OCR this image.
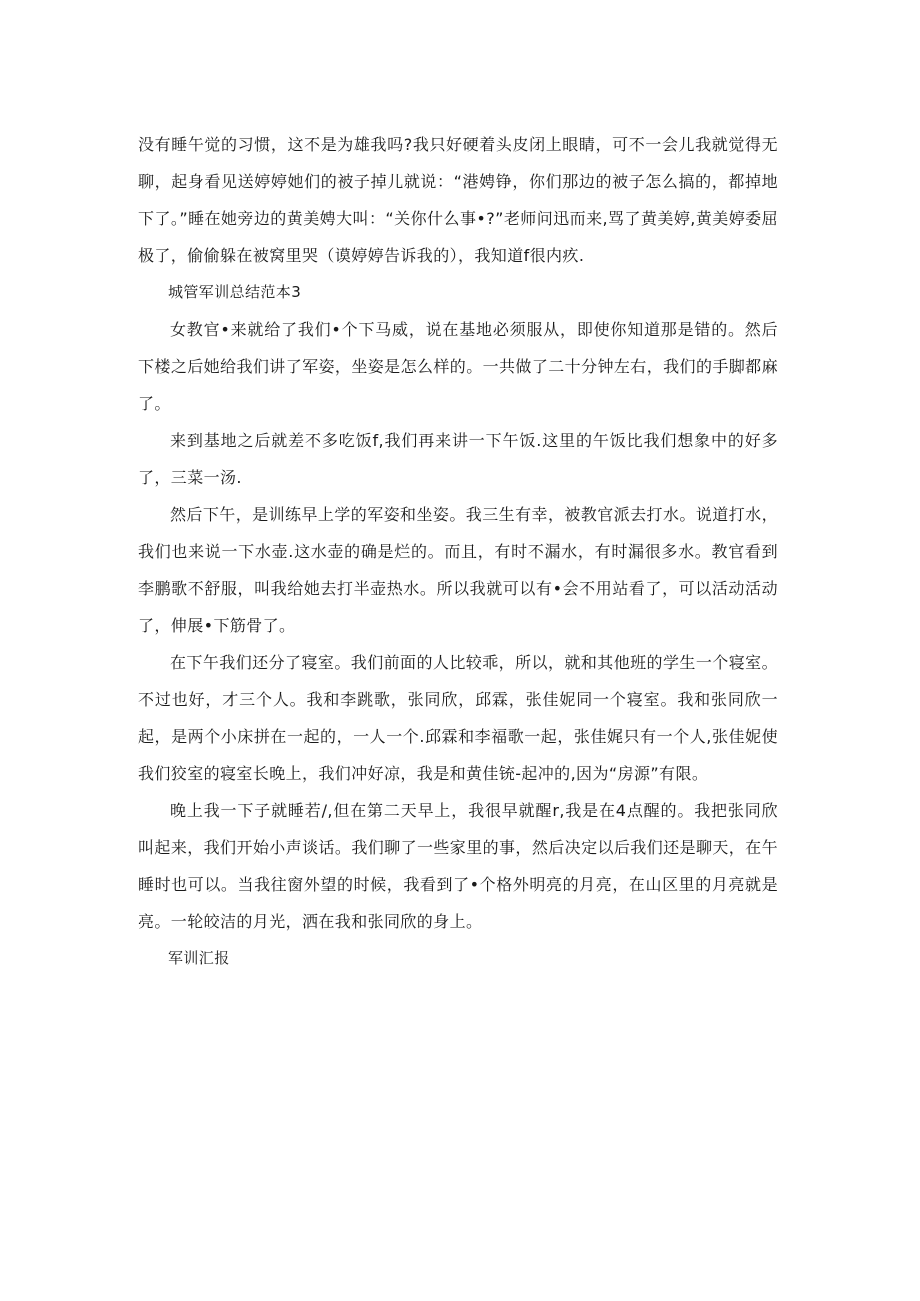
没有睡午觉的习惯，这不是为雄我吗?我只好硬着头皮闭上眼睛，可不一会儿我就觉得无聊，起身看见送婷婷她们的被子掉儿就说：“港娉铮，你们那边的被子怎么搞的，都掉地下了。”睡在她旁边的黄美娉大叫：“关你什么事•?”老师问迅而来,骂了黄美婷,黄美婷委屈极了，偷偷躲在被窝里哭（谟婷婷告诉我的），我知道f很内疚.

城管军训总结范本3

女教官•来就给了我们•个下马威，说在基地必须服从，即使你知道那是错的。然后下楼之后她给我们讲了军姿，坐姿是怎么样的。一共做了二十分钟左右，我们的手脚都麻了。

来到基地之后就差不多吃饭f,我们再来讲一下午饭.这里的午饭比我们想象中的好多了，三菜一汤.

然后下午，是训练早上学的军姿和坐姿。我三生有幸，被教官派去打水。说道打水，我们也来说一下水壶.这水壶的确是烂的。而且，有时不漏水，有时漏很多水。教官看到李鹏歌不舒服，叫我给她去打半壶热水。所以我就可以有•会不用站看了，可以活动活动了，伸展•下筋骨了。

在下午我们还分了寝室。我们前面的人比较乖，所以，就和其他班的学生一个寝室。不过也好，才三个人。我和李跳歌，张同欣，邱霖，张佳妮同一个寝室。我和张同欣一起，是两个小床拼在一起的，一人一个.邱霖和李福歌一起，张佳娓只有一个人,张佳妮使我们狡室的寝室长晚上，我们冲好凉，我是和黄佳铳-起冲的,因为“房源”有限。

晚上我一下子就睡若/,但在第二天早上，我很早就醒r,我是在4点醒的。我把张同欣叫起来，我们开始小声谈话。我们聊了一些家里的事，然后决定以后我们还是聊天，在午睡时也可以。当我往窗外望的时候，我看到了•个格外明亮的月亮，在山区里的月亮就是亮。一轮皎洁的月光，洒在我和张同欣的身上。

军训汇报
